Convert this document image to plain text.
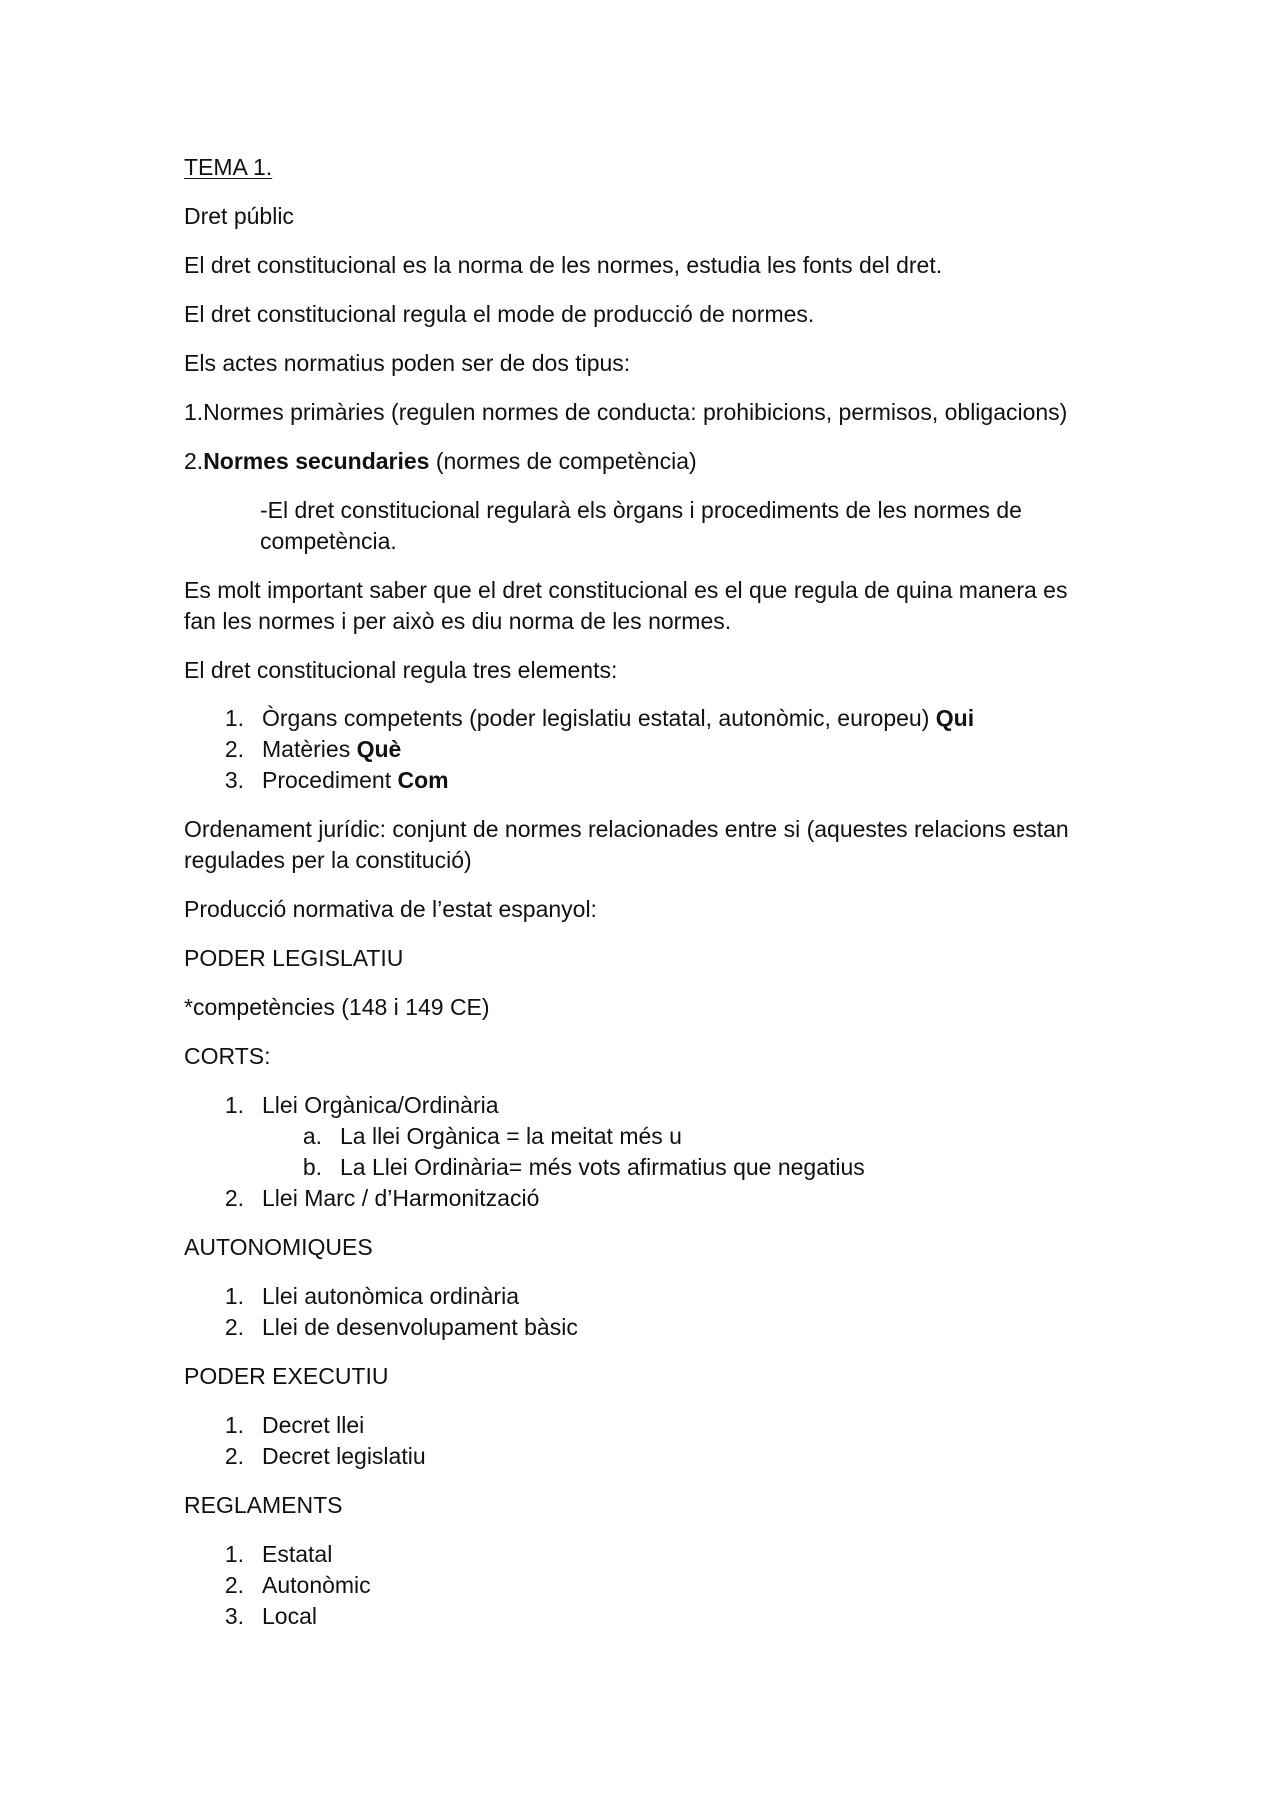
TEMA 1.
Dret públic
El dret constitucional es la norma de les normes, estudia les fonts del dret.
El dret constitucional regula el mode de producció de normes.
Els actes normatius poden ser de dos tipus:
1.Normes primàries (regulen normes de conducta: prohibicions, permisos, obligacions)
2.Normes secundaries (normes de competència)
-El dret constitucional regularà els òrgans i procediments de les normes de
competència.
Es molt important saber que el dret constitucional es el que regula de quina manera es
fan les normes i per això es diu norma de les normes.
El dret constitucional regula tres elements:
1. Òrgans competents (poder legislatiu estatal, autonòmic, europeu) Qui
2. Matèries Què
3. Procediment Com
Ordenament jurídic: conjunt de normes relacionades entre si (aquestes relacions estan
regulades per la constitució)
Producció normativa de l’estat espanyol:
PODER LEGISLATIU
*competències (148 i 149 CE)
CORTS:
1. Llei Orgànica/Ordinària
a. La llei Orgànica = la meitat més u
b. La Llei Ordinària= més vots afirmatius que negatius
2. Llei Marc / d’Harmonització
AUTONOMIQUES
1. Llei autonòmica ordinària
2. Llei de desenvolupament bàsic
PODER EXECUTIU
1. Decret llei
2. Decret legislatiu
REGLAMENTS
1. Estatal
2. Autonòmic
3. Local
